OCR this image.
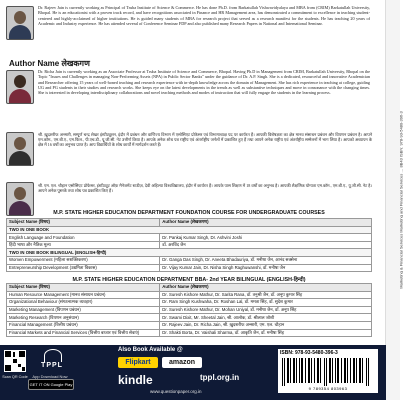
Marketing & Financial Services Marketing and Financial Services … 8B43 ISBN: 978-93-5480-396-3
Dr. Rajeev Jain is currently working as Principal of Truba Institute of Science & Commerce. He has done Ph.D. from Barkatullah Vishwavidyalaya and MBA from (CRIM) Barkatullah University, Bhopal. He is an educationist with a proven track record, and have recognitions associated in Finance and HR Management area, has demonstrated a commitment to excellence in teaching student-centered and highly-acclaimed of higher institutions. He is guided many students of MBA for research project that served as a research manifest for the students. He has teaching 20 years of Academic and Industry experience. He has attended several of Conference Seminar FDP and also published many Research Papers in National and International Seminar.
Author Name लेखकगण
Dr. Richa Jain is currently working as an Associate Professor at Truba Institute of Science and Commerce, Bhopal. Having Ph.D in Management from CRIM, Barkatullah University, Bhopal on the Topic "Issues and Challenges in managing Non-Performing Assets (NPA) in Public Sector Banks" under the guidance of Dr. A.P. Singh. She is a dedicated, resourceful and innovative Academician and Researcher offering 15 years of well-honed teaching and research experience with in-depth knowledge across the domain of Management. She has rich experience in teaching at college, guiding UG and PG students in their studies and research works. She keeps eye on the latest developments in the trends as well as substantive techniques and move in consonance with the changing times. She is interested in developing interdisciplinary collaborations and novel teaching methods and modes of instruction that will fully engage the students in the learning process.
श्री. ख़ुदशरीफ अन्सारी, सम्पूर्ण चन्द्र शेखर इंस्टीट्यूशन, इंदौर में प्रबंधन और वाणिज्य विभाग में एसोसिएट प्रोफेसर एवं विभागाध्यक्ष पद पर कार्यरत हैं। आपकी विशेषज्ञता का क्षेत्र मानव संसाधन प्रबंधन और विपणन प्रबंधन है। आपने एम.कॉम., एम.बी.ए., एम.फिल., पी.एच.डी., यू.जी.सी. नेट उत्तीर्ण किया है। आपके अनेक शोध पत्र राष्ट्रीय एवं अंतर्राष्ट्रीय जर्नलों में प्रकाशित हुए हैं तथा आपने अनेक राष्ट्रीय एवं अंतर्राष्ट्रीय सम्मेलनों में भाग लिया है। आपको अध्यापन के क्षेत्र में 16 वर्षों का अनुभव प्राप्त है। आप विद्यार्थियों के शोध कार्यों में मार्गदर्शन करते हैं।
श्री. एम. एल. चौहान एसोसिएट प्रोफेसर, इंस्टीट्यूट ऑफ़ मैनेजमेंट स्टडीज़, देवी अहिल्या विश्वविद्यालय, इंदौर में कार्यरत हैं। आपके पास शिक्षण में 18 वर्षों का अनुभव है। आपकी शैक्षणिक योग्यता एम.कॉम., एम.बी.ए., यू.जी.सी. नेट है। आपने अनेक पुस्तकें तथा शोध पत्र प्रकाशित किए हैं।
M.P. STATE HIGHER EDUCATION DEPARTMENT FOUNDATION COURSE FOR UNDERGRADUATE COURSES
Subject Name (विषय)	Author Name (लेखकगण)
TWO IN ONE BOOK	
English Language and Foundation	Dr. Pankaj Kumar Singh, Dr. Ashvini Joshi
हिंदी भाषा और नैतिक मूल्य	डॉ. अरविंद जैन
TWO IN ONE BOOK BILINGUAL (ENGLISH-हिन्दी)	
Women Empowerment (महिला सशक्तिकरण)	Dr. Ganga Das Singh, Dr. Aneeta Bhadauriya, डॉ. मनीषा जैन, आनंद सक्सेना
Entrepreneurship Development (उद्यमिता विकास)	Dr. Vijay Kumar Jain, Dr. Nisha Singh Raghuwanshi, डॉ. मनीषा जैन
M.P. STATE HIGHER EDUCATION DEPARTMENT BBA- 2nd YEAR BILINGUAL (ENGLISH-हिन्दी)
Subject Name (विषय)	Author Name (लेखकगण)
Human Resource Management (मानव संसाधन प्रबंधन)	Dr. Suresh Kishore Mathur, Dr. Sarita Rana, डॉ. तनुश्री जैन, डॉ. अनूप कुमार सिंह
Organizational Behaviour (संगठनात्मक व्यवहार)	Dr. Ram Singh Kushwaha, Dr. Roshan Lal, डॉ. ममता सिंह, डॉ. सुदेश कुमार
Marketing Management (विपणन प्रबंधन)	Dr. Suresh Kishore Mathur, Dr. Mohan Uniyal, डॉ. मनीषा जैन, डॉ. अनूप सिंह
Marketing Research (विपणन अनुसंधान)	Dr. Swami Dixit, Mr. Sheetal Jain, श्री. आलोक, डॉ. श्रीलाल जोशी
Financial Management (वित्तीय प्रबंधन)	Dr. Rajeev Jain, Dr. Richa Jain, श्री. ख़ुदशरीफ अन्सारी, एम. एल. चौहान
Financial Markets and Financial Services (वित्तीय बाजार एवं वित्तीय सेवाएं)	Dr. Shakti Borta, Dr. Vaishali Sharma, डॉ. आकृति जैन, डॉ. मनीषा सिंह
Scan QR Code
TPPL
GET IT ON Google Play
App Download Now
Also Book Available @
Flipkart	amazon
kindle	tppl.org.in
www.questionpaper.org.in
ISBN: 978-93-5480-396-3
9 789354 803963
